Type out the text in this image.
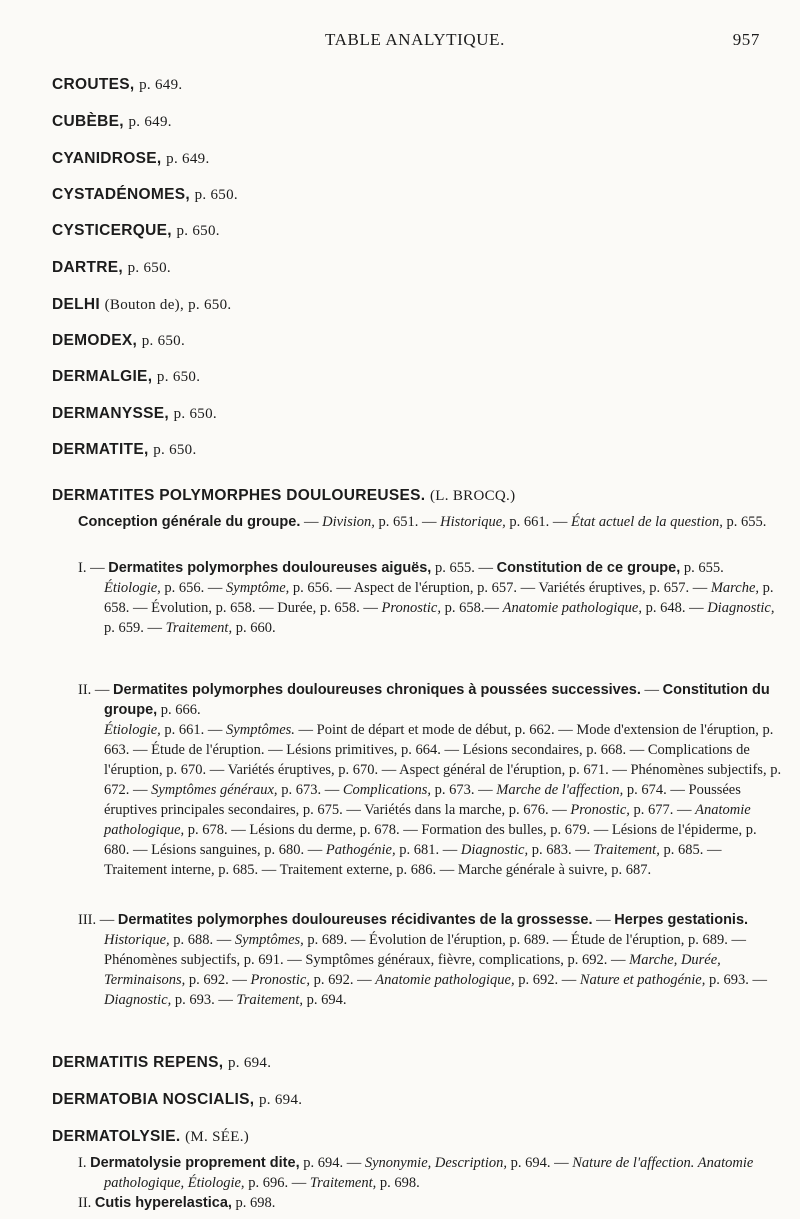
TABLE ANALYTIQUE.	957
CROUTES, p. 649.
CUBÈBE, p. 649.
CYANIDROSE, p. 649.
CYSTADÉNOMES, p. 650.
CYSTICERQUE, p. 650.
DARTRE, p. 650.
DELHI (Bouton de), p. 650.
DEMODEX, p. 650.
DERMALGIE, p. 650.
DERMANYSSE, p. 650.
DERMATITE, p. 650.
DERMATITES POLYMORPHES DOULOUREUSES. (L. BROCQ.)

Conception générale du groupe. — Division, p. 651. — Historique, p. 661. — État actuel de la question, p. 655.

I. — Dermatites polymorphes douloureuses aiguës, p. 655. — Constitution de ce groupe, p. 655.

Étiologie, p. 656. — Symptôme, p. 656. — Aspect de l'éruption, p. 657. — Variétés éruptives, p. 657. — Marche, p. 658. — Évolution, p. 658. — Durée, p. 658. — Pronostic, p. 658.— Anatomie pathologique, p. 648. — Diagnostic, p. 659. — Traitement, p. 660.

II. — Dermatites polymorphes douloureuses chroniques à poussées successives. — Constitution du groupe, p. 666.

Étiologie, p. 661. — Symptômes. — Point de départ et mode de début, p. 662. — Mode d'extension de l'éruption, p. 663. — Étude de l'éruption. — Lésions primitives, p. 664. — Lésions secondaires, p. 668. — Complications de l'éruption, p. 670. — Variétés éruptives, p. 670. — Aspect général de l'éruption, p. 671. — Phénomènes subjectifs, p. 672. — Symptômes généraux, p. 673. — Complications, p. 673. — Marche de l'affection, p. 674. — Poussées éruptives principales secondaires, p. 675. — Variétés dans la marche, p. 676. — Pronostic, p. 677. — Anatomie pathologique, p. 678. — Lésions du derme, p. 678. — Formation des bulles, p. 679. — Lésions de l'épiderme, p. 680. — Lésions sanguines, p. 680. — Pathogénie, p. 681. — Diagnostic, p. 683. — Traitement, p. 685. — Traitement interne, p. 685. — Traitement externe, p. 686. — Marche générale à suivre, p. 687.

III. — Dermatites polymorphes douloureuses récidivantes de la grossesse. — Herpes gestationis.

Historique, p. 688. — Symptômes, p. 689. — Évolution de l'éruption, p. 689. — Étude de l'éruption, p. 689. — Phénomènes subjectifs, p. 691. — Symptômes généraux, fièvre, complications, p. 692. — Marche, Durée, Terminaisons, p. 692. — Pronostic, p. 692. — Anatomie pathologique, p. 692. — Nature et pathogénie, p. 693. — Diagnostic, p. 693. — Traitement, p. 694.

DERMATITIS REPENS, p. 694.
DERMATOBIA NOSCIALIS, p. 694.
DERMATOLYSIE. (M. SÉE.)

I. Dermatolysie proprement dite, p. 694. — Synonymie, Description, p. 694. — Nature de l'affection. Anatomie pathologique, Étiologie, p. 696. — Traitement, p. 698.

II. Cutis hyperelastica, p. 698.
